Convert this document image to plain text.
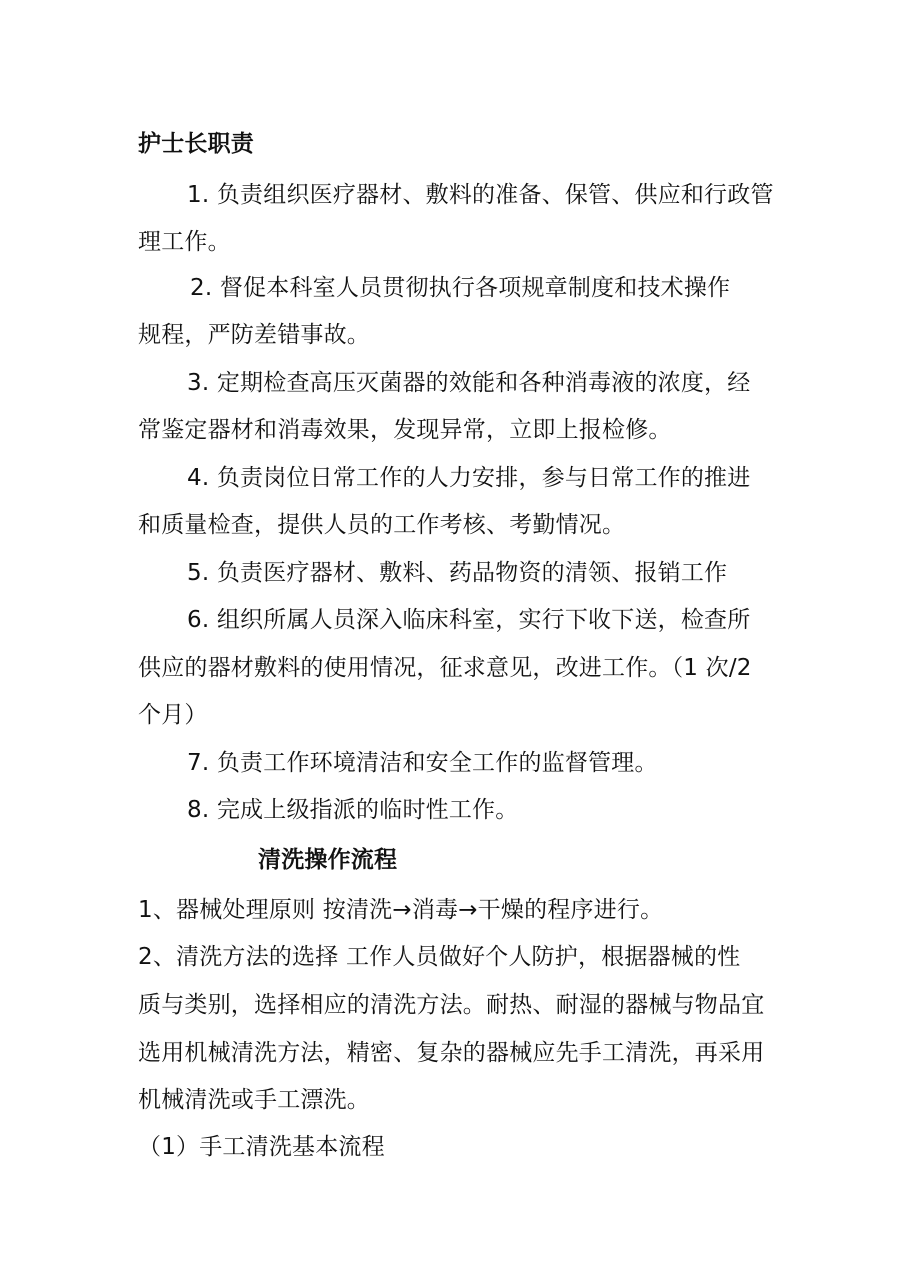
护士长职责
1. 负责组织医疗器材、敷料的准备、保管、供应和行政管
理工作。
2. 督促本科室人员贯彻执行各项规章制度和技术操作
规程，严防差错事故。
3. 定期检查高压灭菌器的效能和各种消毒液的浓度，经
常鉴定器材和消毒效果，发现异常，立即上报检修。
4. 负责岗位日常工作的人力安排，参与日常工作的推进
和质量检查，提供人员的工作考核、考勤情况。
5. 负责医疗器材、敷料、药品物资的清领、报销工作
6. 组织所属人员深入临床科室，实行下收下送，检查所
供应的器材敷料的使用情况，征求意见，改进工作。（1 次/2
个月）
7. 负责工作环境清洁和安全工作的监督管理。
8. 完成上级指派的临时性工作。
清洗操作流程
1、器械处理原则 按清洗→消毒→干燥的程序进行。
2、清洗方法的选择 工作人员做好个人防护，根据器械的性
质与类别，选择相应的清洗方法。耐热、耐湿的器械与物品宜
选用机械清洗方法，精密、复杂的器械应先手工清洗，再采用
机械清洗或手工漂洗。
（1）手工清洗基本流程
